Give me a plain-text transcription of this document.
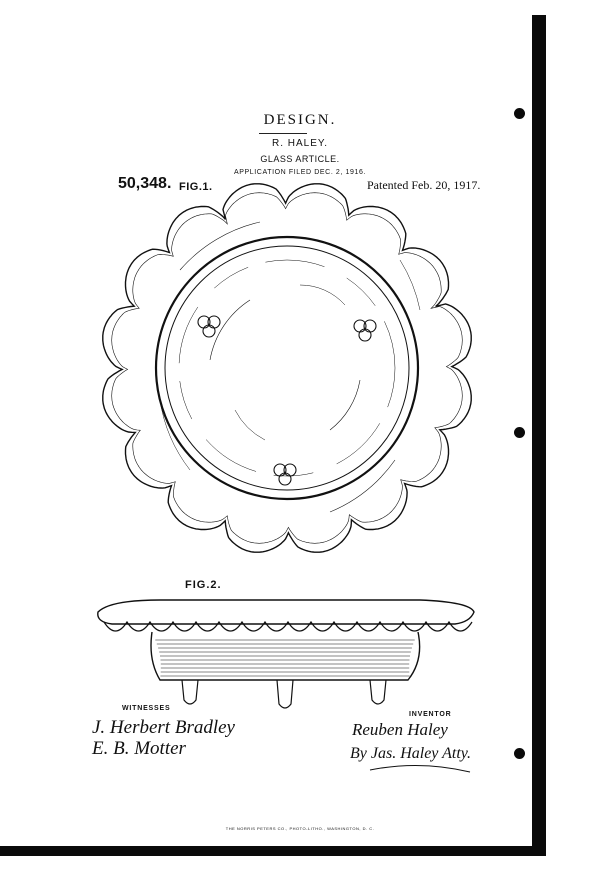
DESIGN.
R. HALEY.
GLASS ARTICLE.
APPLICATION FILED DEC. 2, 1916.
50,348.	Patented Feb. 20, 1917.
FIG.1.
FIG.2.
J. Herbert Bradley
E. B. Motter
Reuben Haley
By Jas. Haley Atty.
WITNESSES
INVENTOR
THE NORRIS PETERS CO., PHOTO-LITHO., WASHINGTON, D. C.
